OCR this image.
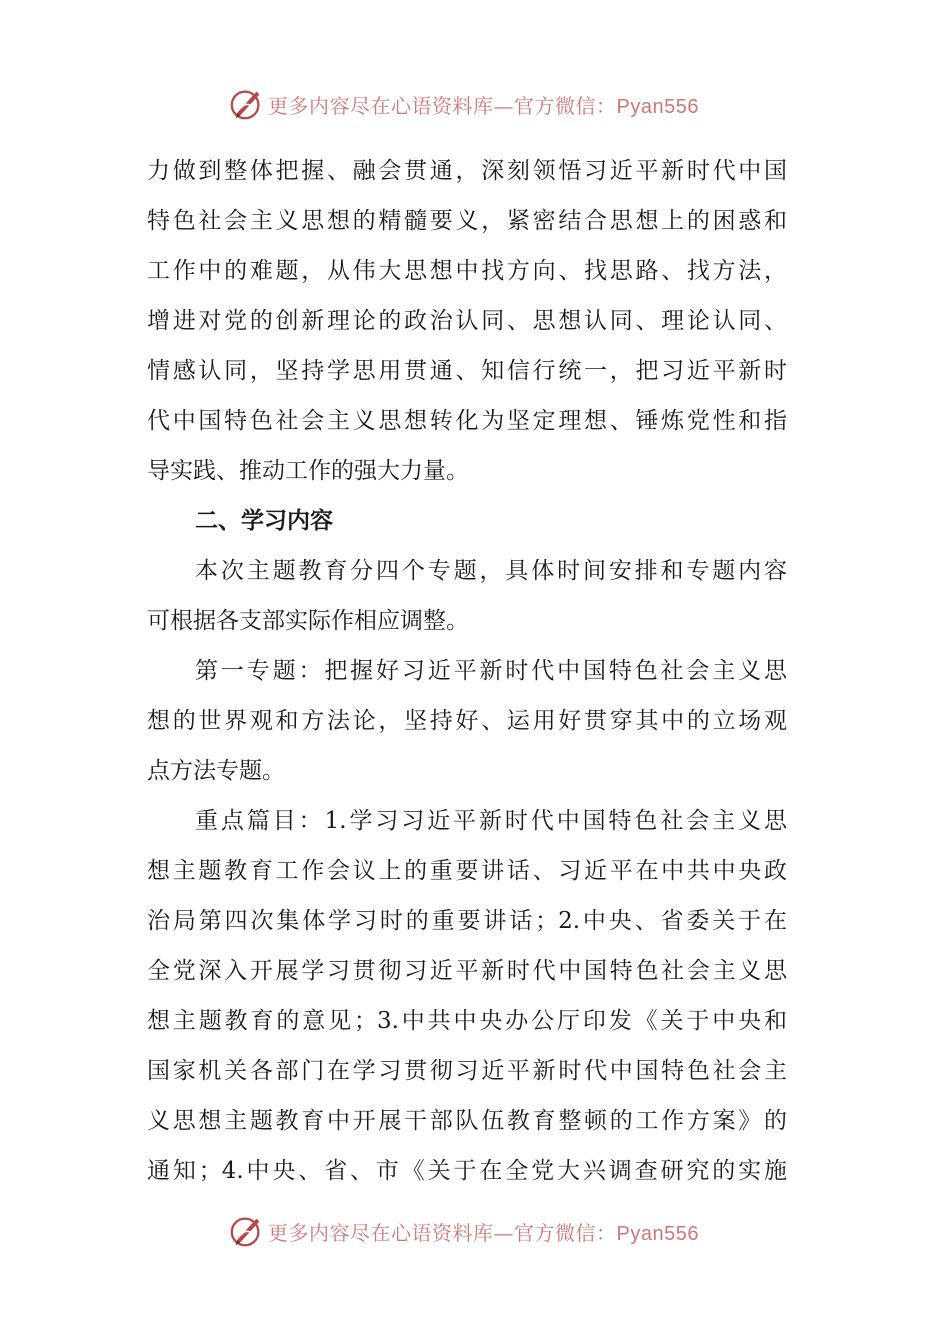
更多内容尽在心语资料库—官方微信：Pyan556
力做到整体把握、融会贯通，深刻领悟习近平新时代中国
特色社会主义思想的精髓要义，紧密结合思想上的困惑和
工作中的难题，从伟大思想中找方向、找思路、找方法，
增进对党的创新理论的政治认同、思想认同、理论认同、
情感认同，坚持学思用贯通、知信行统一，把习近平新时
代中国特色社会主义思想转化为坚定理想、锤炼党性和指
导实践、推动工作的强大力量。
二、学习内容
本次主题教育分四个专题，具体时间安排和专题内容
可根据各支部实际作相应调整。
第一专题：把握好习近平新时代中国特色社会主义思
想的世界观和方法论，坚持好、运用好贯穿其中的立场观
点方法专题。
重点篇目：1.学习习近平新时代中国特色社会主义思
想主题教育工作会议上的重要讲话、习近平在中共中央政
治局第四次集体学习时的重要讲话；2.中央、省委关于在
全党深入开展学习贯彻习近平新时代中国特色社会主义思
想主题教育的意见；3.中共中央办公厅印发《关于中央和
国家机关各部门在学习贯彻习近平新时代中国特色社会主
义思想主题教育中开展干部队伍教育整顿的工作方案》的
通知；4.中央、省、市《关于在全党大兴调查研究的实施
更多内容尽在心语资料库—官方微信：Pyan556
